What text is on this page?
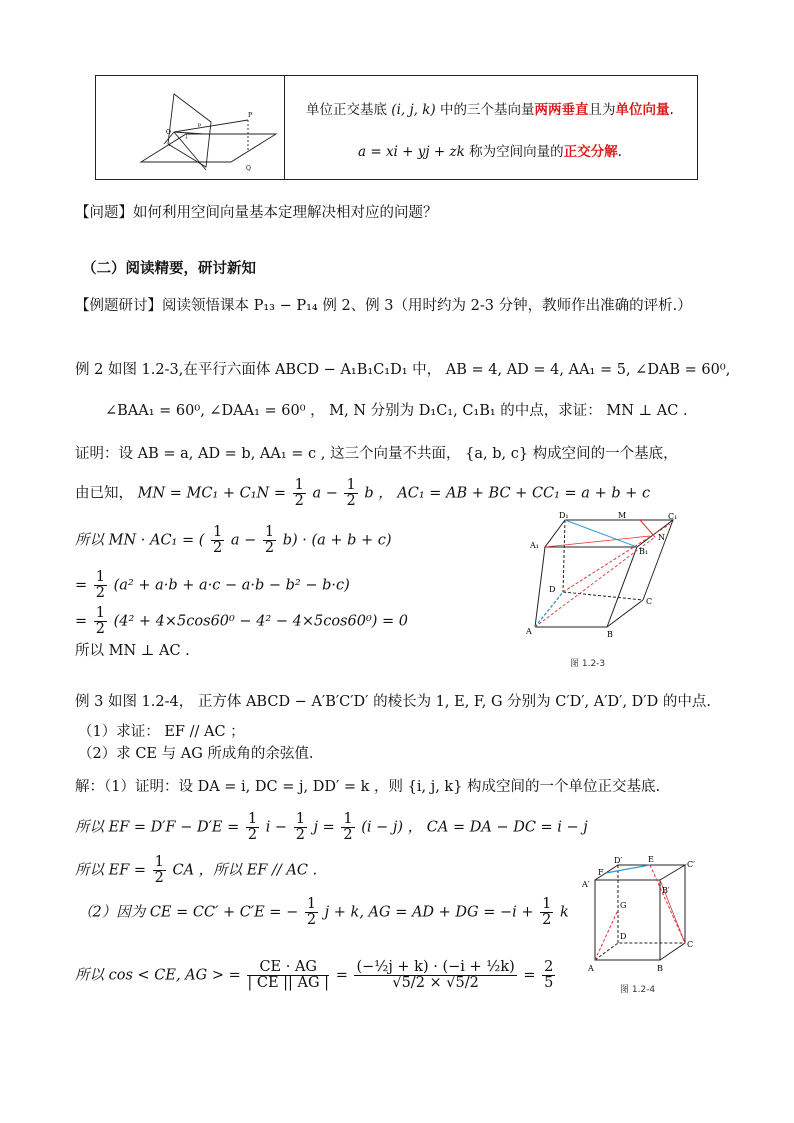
P
O
p
i
j
Q
单位正交基底 (i, j, k) 中的三个基向量两两垂直且为单位向量.
a = xi + yj + zk 称为空间向量的正交分解.
【问题】如何利用空间向量基本定理解决相对应的问题？
（二）阅读精要，研讨新知
【例题研讨】阅读领悟课本 P₁₃ − P₁₄ 例 2、例 3（用时约为 2-3 分钟，教师作出准确的评析.）
例 2 如图 1.2-3,在平行六面体 ABCD − A₁B₁C₁D₁ 中， AB = 4, AD = 4, AA₁ = 5, ∠DAB = 60⁰,
∠BAA₁ = 60⁰, ∠DAA₁ = 60⁰ ， M, N 分别为 D₁C₁, C₁B₁ 的中点，求证： MN ⊥ AC .
证明：设 AB = a, AD = b, AA₁ = c , 这三个向量不共面， {a, b, c} 构成空间的一个基底，
由已知， MN = $MC_1 + C_1N = \frac{1}{2}$ $a - \frac{1}{2}$ b ， AC₁ = AB + BC + CC₁ = a + b + c
所以 MN · AC₁ = ( $\frac{1}{2}$ $a - \frac{1}{2} b) \cdot (a + b + c)$
= $\frac{1}{2} (a^2 + a\cdot b + a\cdot c - a\cdot b - b^2 - b\cdot c)$
= $\frac{1}{2} (4^2 + 4\times 5\cos 60^0 - 4^2 - 4\times 5\cos 60^0) = 0$
所以 MN ⊥ AC .
D₁	M	C₁
A₁
B₁
N
D
C
A	B
图 1.2-3
例 3 如图 1.2-4， 正方体 ABCD − A′B′C′D′ 的棱长为 1, E, F, G 分别为 C′D′, A′D′, D′D 的中点.
（1）求证： EF // AC ；
（2）求 CE 与 AG 所成角的余弦值.
解：（1）证明：设 DA = i, DC = j, DD′ = k ，则 {i, j, k} 构成空间的一个单位正交基底.
所以 EF = $D'F - D'E = \frac{1}{2}$ $i - \frac{1}{2}$ $j = \frac{1}{2} (i - j)$ ， CA = DA − DC = i − j
所以 EF = $\frac{1}{2}$ CA ，所以 EF // AC .
（2）因为 CE = CC′ + C′E = − $\frac{1}{2}$ j + k, AG = AD + DG = $-i + \frac{1}{2}$ k
所以 cos < CE, AG > = $\frac{CE \cdot AG}{| CE || AG |} = \frac{\text{(−½j + k) · (−i + ½k)}}{√5/2 \times √5/2} = \frac{2}{5}$
D′	E
C′
A′
F
B′
G
D
C
A	B
图 1.2-4
